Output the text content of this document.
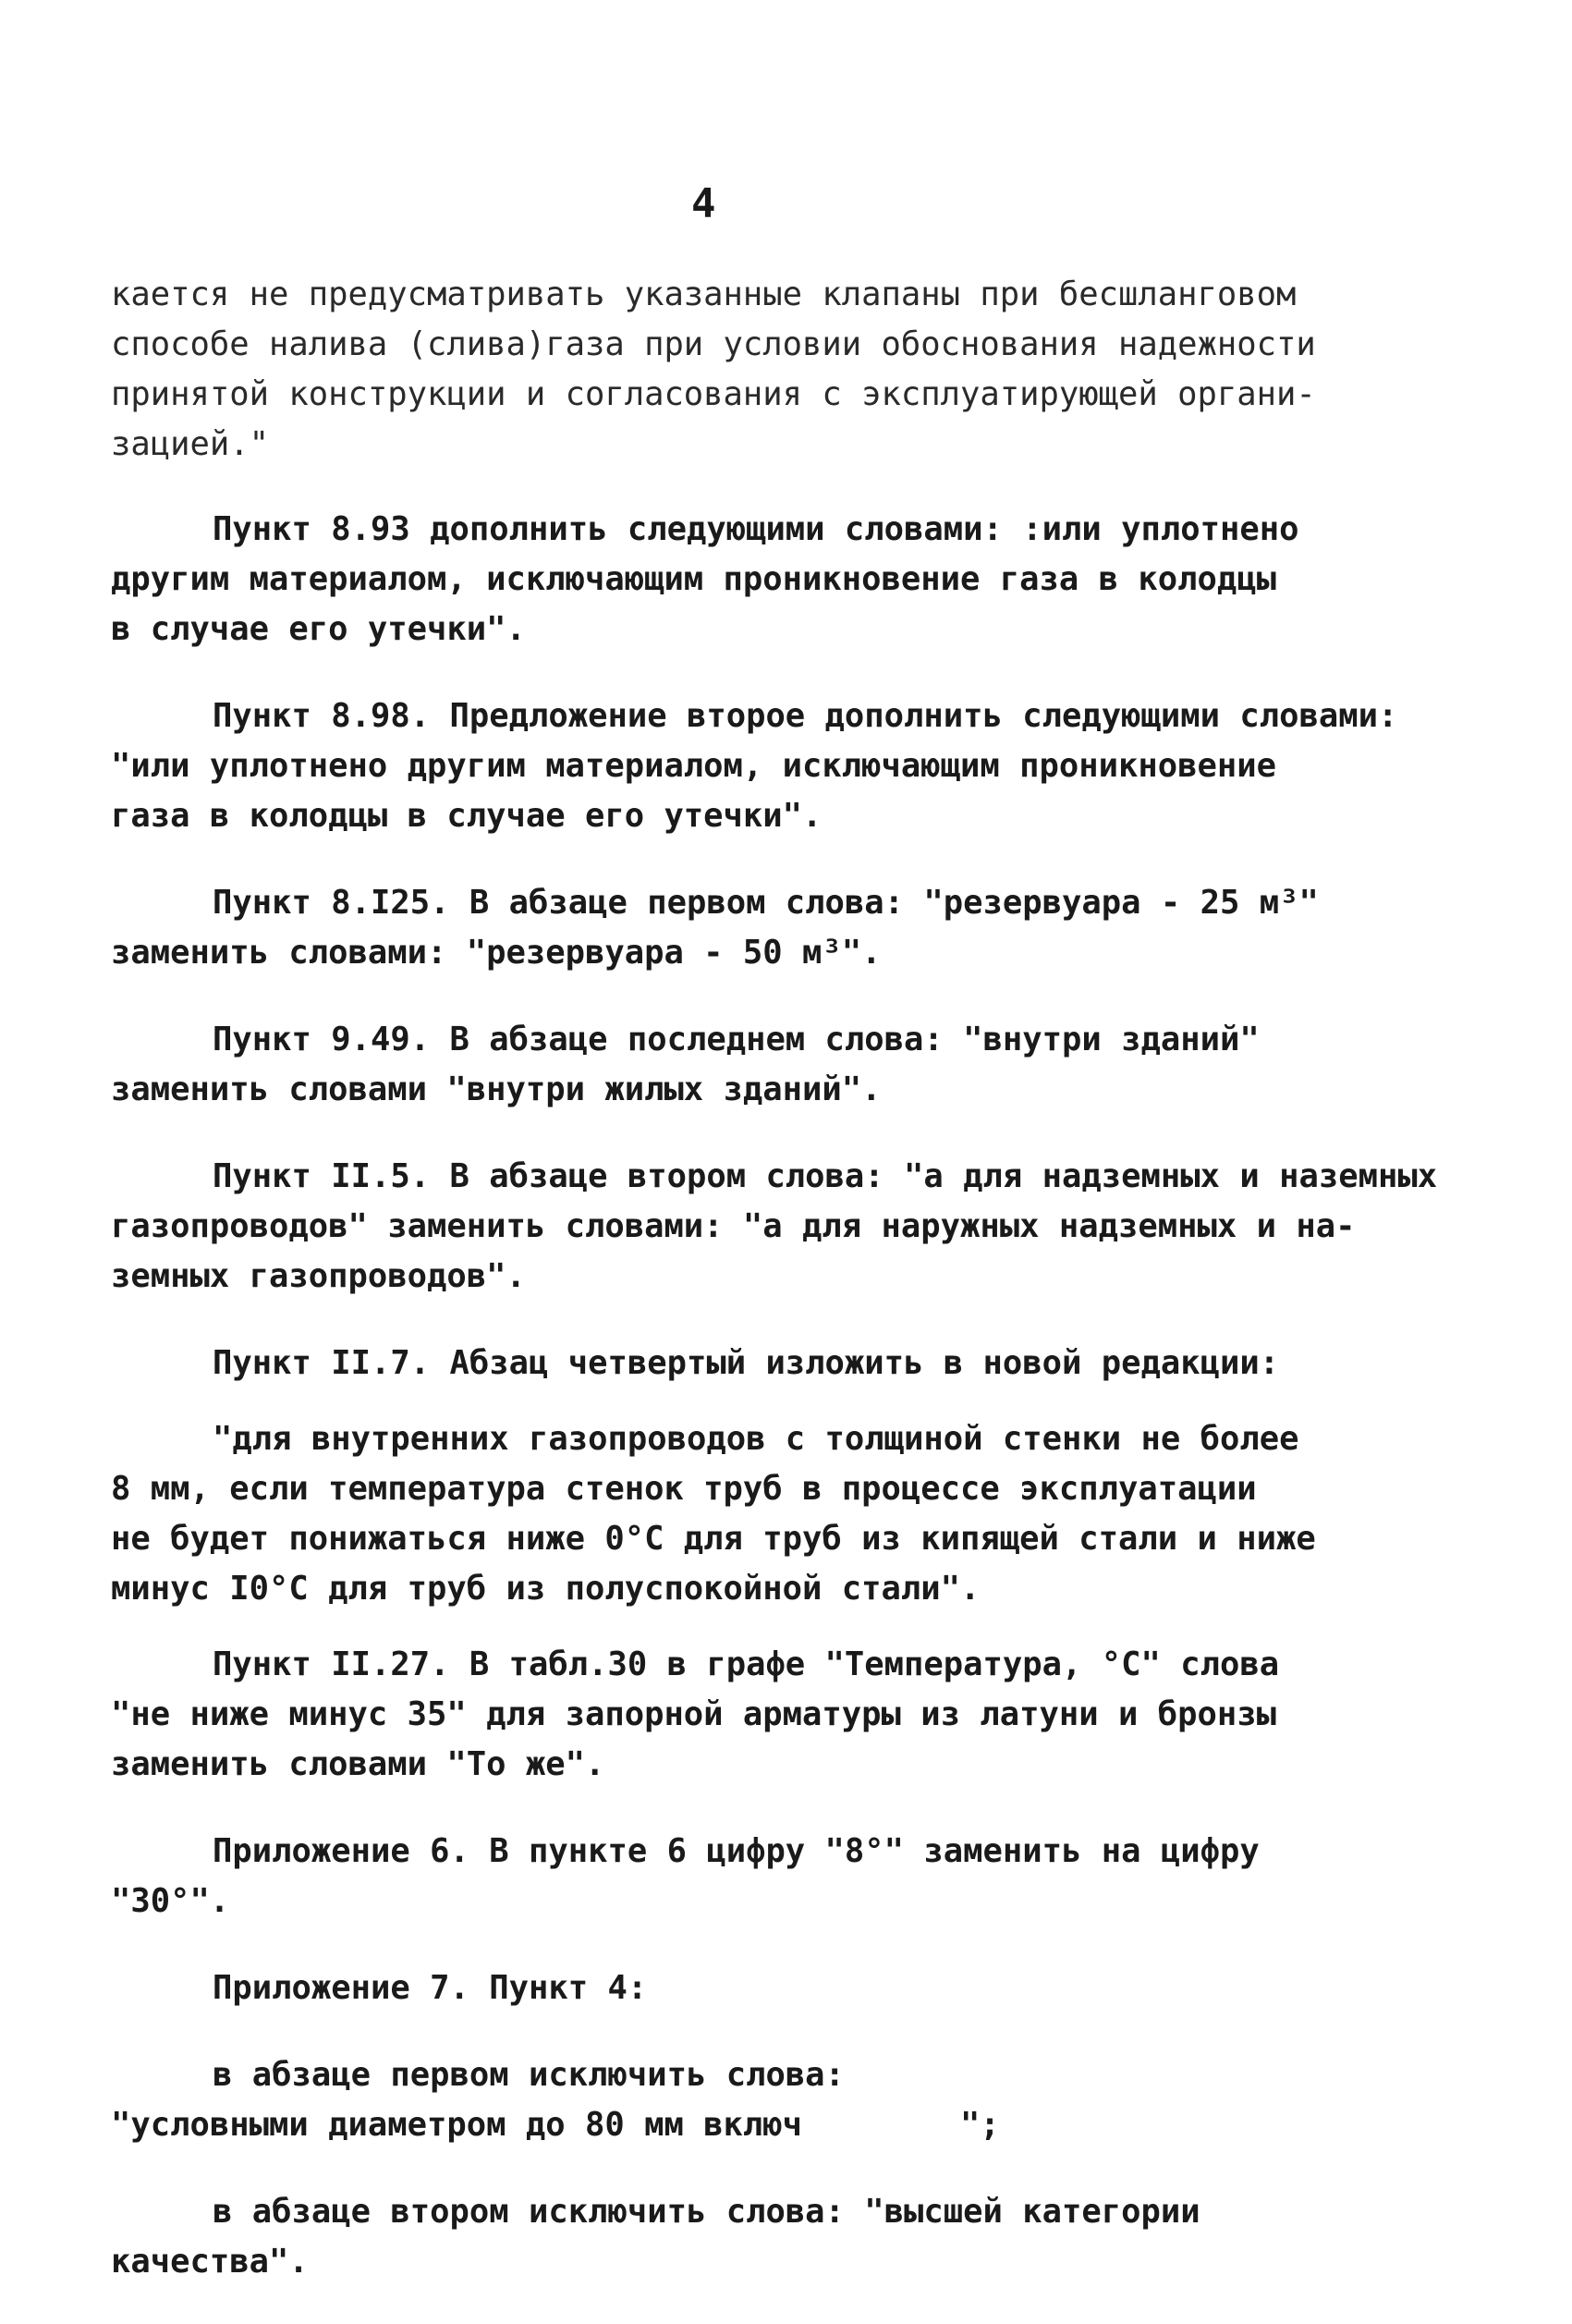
4
кается не предусматривать указанные клапаны при бесшланговом
способе налива (слива)газа при условии обоснования надежности
принятой конструкции и согласования с эксплуатирующей органи-
зацией."
Пункт 8.93 дополнить следующими словами: :или уплотнено
другим материалом, исключающим проникновение газа в колодцы
в случае его утечки".
Пункт 8.98. Предложение второе дополнить следующими словами:
"или уплотнено другим материалом, исключающим проникновение
газа в колодцы в случае его утечки".
Пункт 8.I25. В абзаце первом слова: "резервуара - 25 м³"
заменить словами: "резервуара - 50 м³".
Пункт 9.49. В абзаце последнем слова: "внутри зданий"
заменить словами "внутри жилых зданий".
Пункт II.5. В абзаце втором слова: "а для надземных и наземных
газопроводов" заменить словами: "а для наружных надземных и на-
земных газопроводов".
Пункт II.7. Абзац четвертый изложить в новой редакции:
"для внутренних газопроводов с толщиной стенки не более
8 мм, если температура стенок труб в процессе эксплуатации
не будет понижаться ниже 0°С для труб из кипящей стали и ниже
минус I0°С для труб из полуспокойной стали".
Пункт II.27. В табл.30 в графе "Температура, °С" слова
"не ниже минус 35" для запорной арматуры из латуни и бронзы
заменить словами "То же".
Приложение 6. В пункте 6 цифру "8°" заменить на цифру
"30°".
Приложение 7. Пункт 4:
в абзаце первом исключить слова:
"условными диаметром до 80 мм включ        ";
в абзаце втором исключить слова: "высшей категории
качества".
